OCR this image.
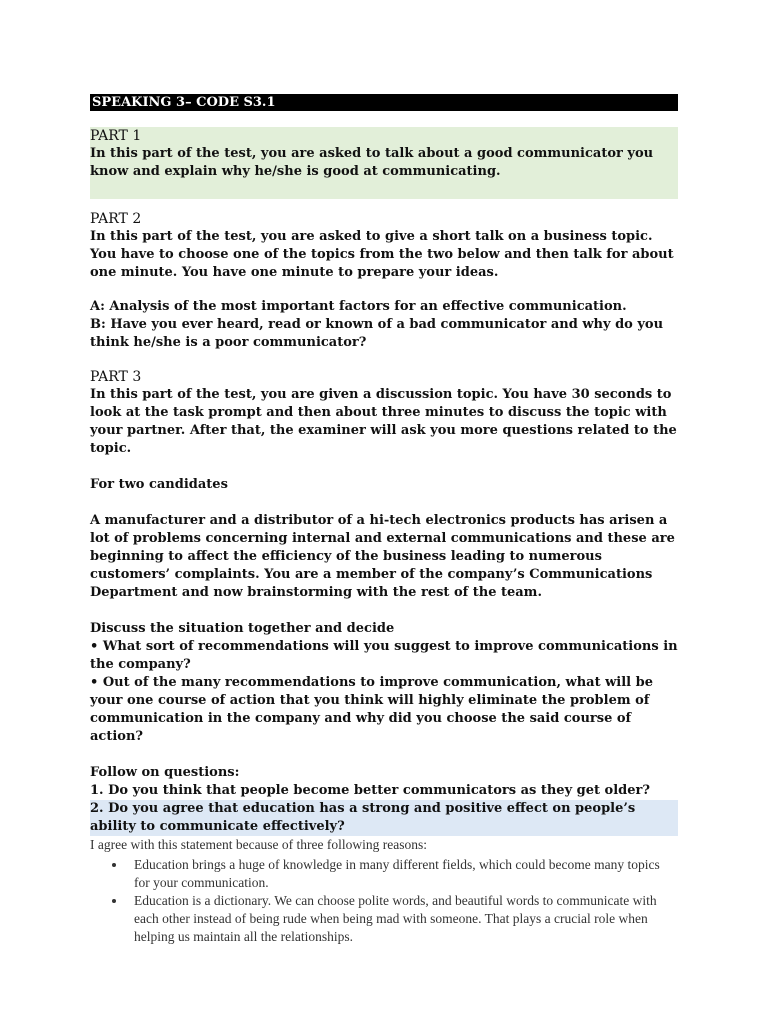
SPEAKING 3– CODE S3.1
PART 1
In this part of the test, you are asked to talk about a good communicator you know and explain why he/she is good at communicating.
PART 2
In this part of the test, you are asked to give a short talk on a business topic. You have to choose one of the topics from the two below and then talk for about one minute. You have one minute to prepare your ideas.
A: Analysis of the most important factors for an effective communication.
B: Have you ever heard, read or known of a bad communicator and why do you think he/she is a poor communicator?
PART 3
In this part of the test, you are given a discussion topic. You have 30 seconds to look at the task prompt and then about three minutes to discuss the topic with your partner. After that, the examiner will ask you more questions related to the topic.
For two candidates
A manufacturer and a distributor of a hi-tech electronics products has arisen a lot of problems concerning internal and external communications and these are beginning to affect the efficiency of the business leading to numerous customers’ complaints. You are a member of the company’s Communications Department and now brainstorming with the rest of the team.
Discuss the situation together and decide
• What sort of recommendations will you suggest to improve communications in the company?
• Out of the many recommendations to improve communication, what will be your one course of action that you think will highly eliminate the problem of communication in the company and why did you choose the said course of action?
Follow on questions:
1. Do you think that people become better communicators as they get older?
2. Do you agree that education has a strong and positive effect on people’s ability to communicate effectively?
I agree with this statement because of three following reasons:
Education brings a huge of knowledge in many different fields, which could become many topics for your communication.
Education is a dictionary. We can choose polite words, and beautiful words to communicate with each other instead of being rude when being mad with someone. That plays a crucial role when helping us maintain all the relationships.
